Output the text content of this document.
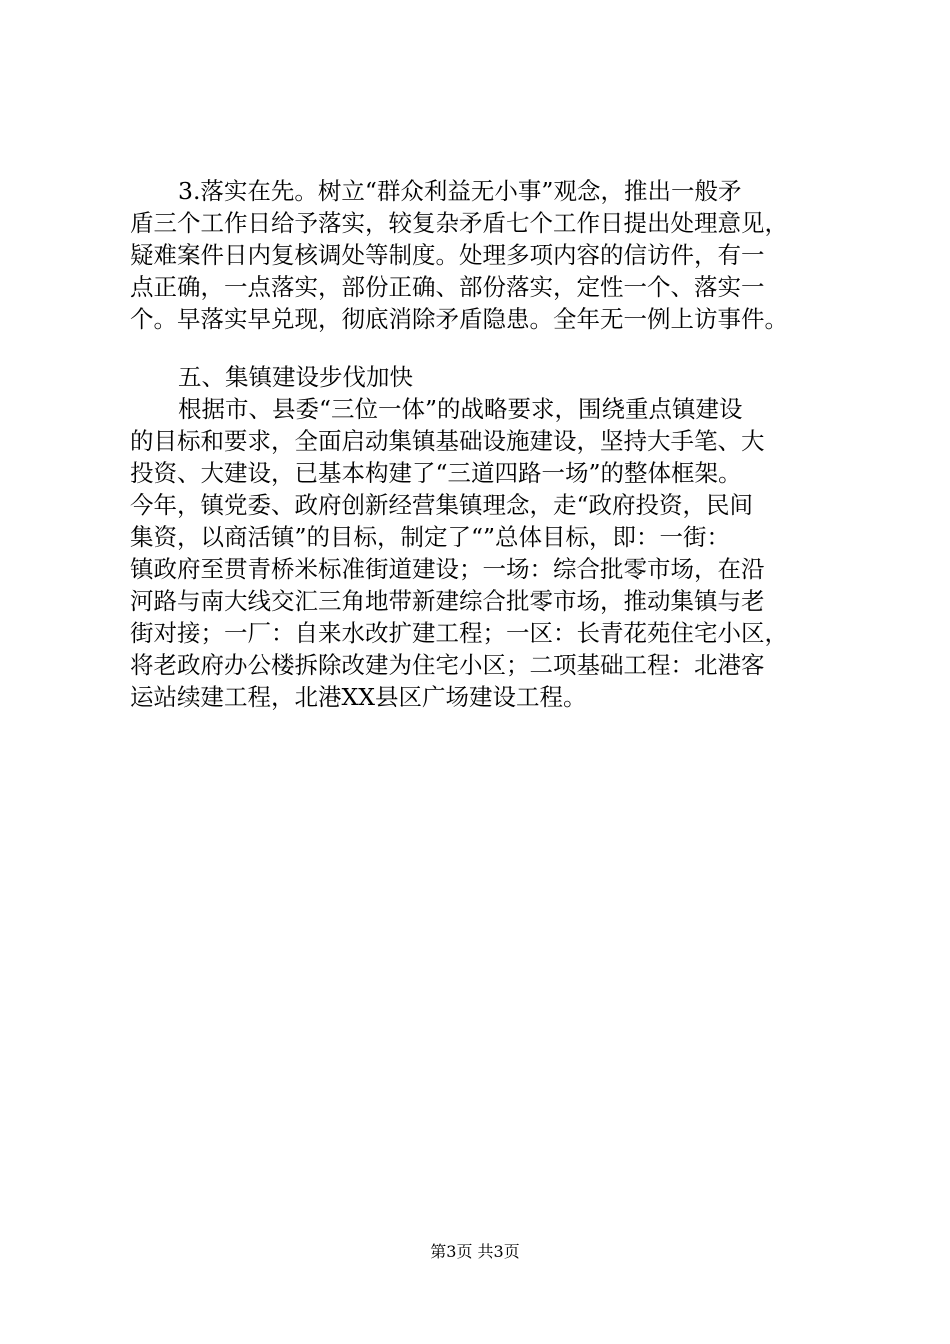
3.落实在先。树立“群众利益无小事”观念，推出一般矛
盾三个工作日给予落实，较复杂矛盾七个工作日提出处理意见，
疑难案件日内复核调处等制度。处理多项内容的信访件，有一
点正确，一点落实，部份正确、部份落实，定性一个、落实一
个。早落实早兑现，彻底消除矛盾隐患。全年无一例上访事件。
五、集镇建设步伐加快
根据市、县委“三位一体”的战略要求，围绕重点镇建设
的目标和要求，全面启动集镇基础设施建设，坚持大手笔、大
投资、大建设，已基本构建了“三道四路一场”的整体框架。
今年，镇党委、政府创新经营集镇理念，走“政府投资，民间
集资，以商活镇”的目标，制定了“”总体目标，即：一街：
镇政府至贯青桥米标准街道建设；一场：综合批零市场，在沿
河路与南大线交汇三角地带新建综合批零市场，推动集镇与老
街对接；一厂：自来水改扩建工程；一区：长青花苑住宅小区，
将老政府办公楼拆除改建为住宅小区；二项基础工程：北港客
运站续建工程，北港XX县区广场建设工程。
第3页 共3页
